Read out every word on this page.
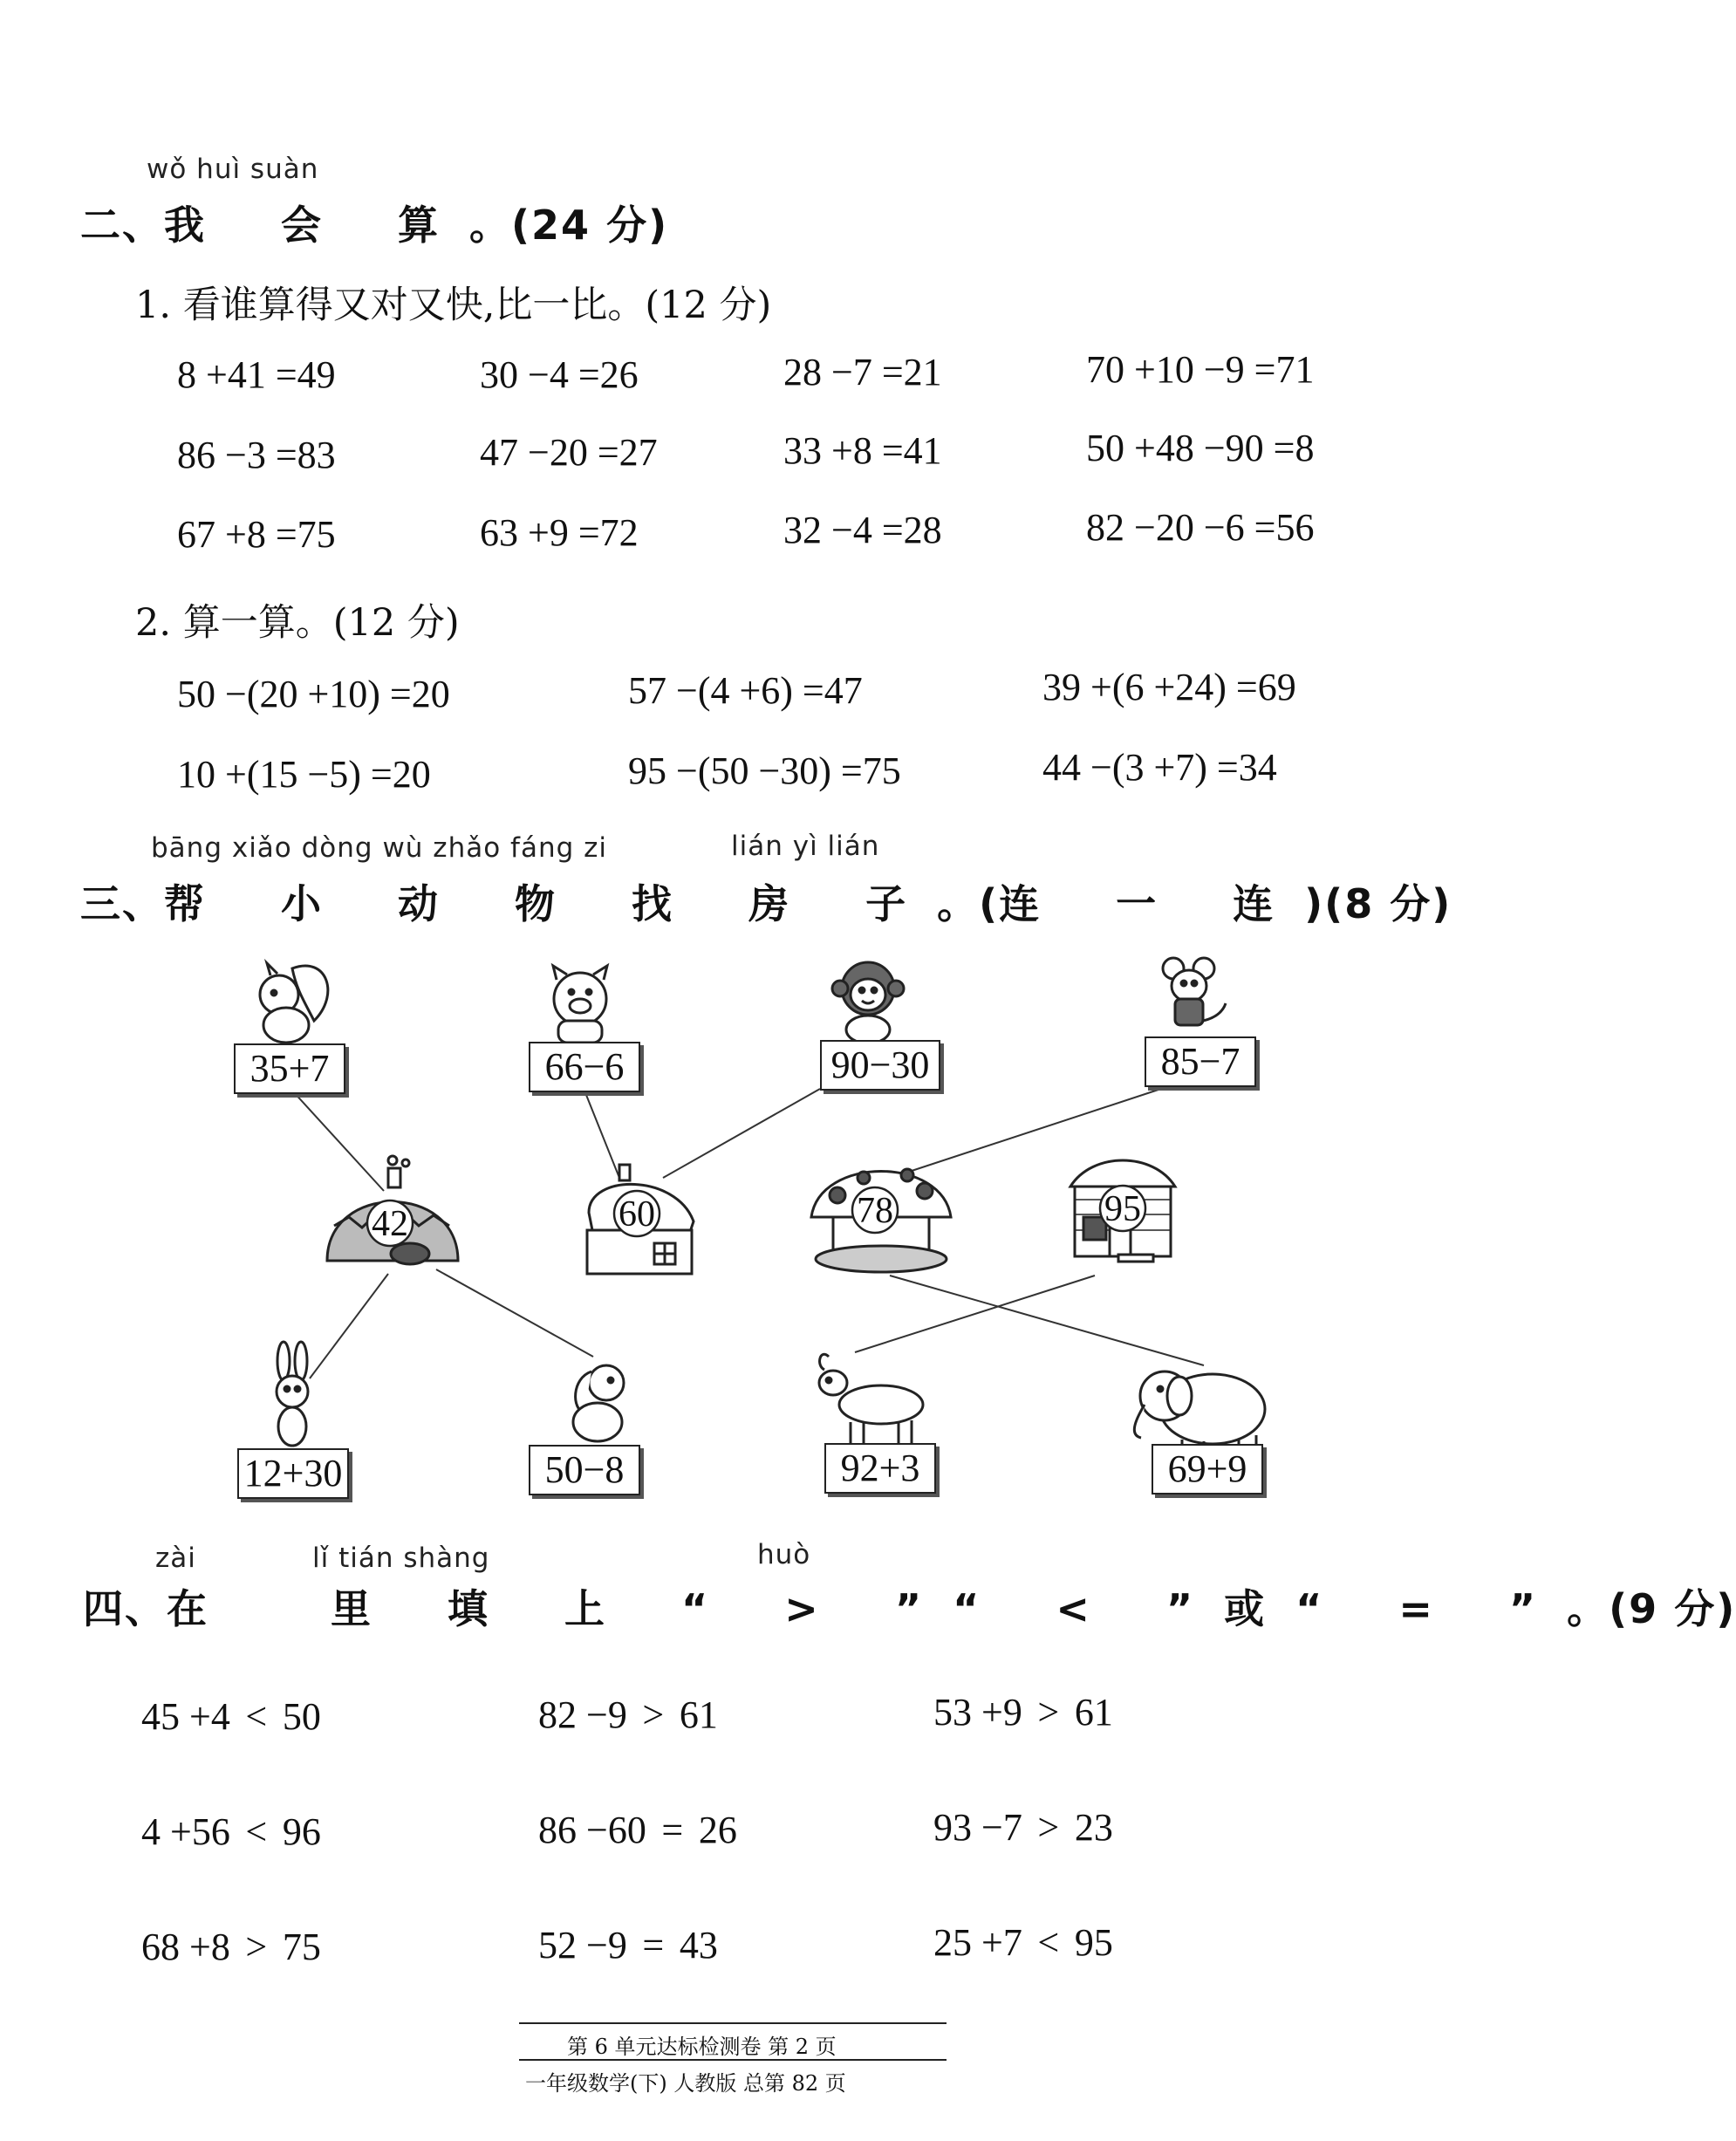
wǒ huì suàn
二、我 会 算。(24 分)
1. 看谁算得又对又快,比一比。(12 分)
8 +41 =49	30 −4 =26	28 −7 =21	70 +10 −9 =71
86 −3 =83	47 −20 =27	33 +8 =41	50 +48 −90 =8
67 +8 =75	63 +9 =72	32 −4 =28	82 −20 −6 =56
2. 算一算。(12 分)
50 −(20 +10) =20	57 −(4 +6) =47	39 +(6 +24) =69
10 +(15 −5) =20	95 −(50 −30) =75	44 −(3 +7) =34
bāng xiǎo dòng wù zhǎo fáng zi	lián yì lián
三、帮 小 动 物 找 房 子。(连 一 连)(8 分)
42	60	78	95
35+7	66−6	90−30	85−7
12+30	50−8	92+3	69+9
zài	lǐ tián shàng	huò
四、在	里 填 上 “ > ”“ < ”或“ = ”。(9 分)
45 +4 < 50	82 −9 > 61	53 +9 > 61
4 +56 < 96	86 −60 = 26	93 −7 > 23
68 +8 > 75	52 −9 = 43	25 +7 < 95
第 6 单元达标检测卷 第 2 页
一年级数学(下) 人教版 总第 82 页
